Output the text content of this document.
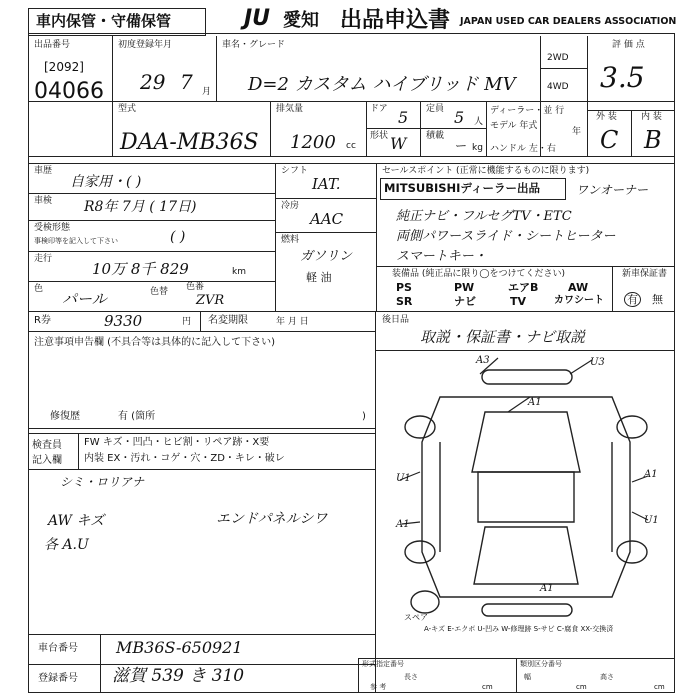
車内保管・守備保管	JU 愛知 出品申込書 JAPAN USED CAR DEALERS ASSOCIATION
出品番号
[2092]
04066
初度登録年月
29 7 月
車名・グレード
D=2 カスタム ハイブリッド MV
2WD
4WD
評 価 点
3.5
型式
DAA-MB36S
排気量
1200 cc
ドア 5 定員 5 人
形状 W 積載
ー kg
ディーラー・並 行
モデル 年式
年
ハンドル 左・右
外 装	内 装
C B
車歴
自家用・( )
車検 R8年 7月 ( 17日)
受検形態
事検印等を記入して下さい	( )
走行
10万 8千 829	km
色
パール	色替 色番
ZVR
シフト
IAT.
冷房
AAC
燃料
ガソリン
軽 油
セールスポイント (正常に機能するものに限ります)
MITSUBISHIディーラー出品	ワンオーナー
純正ナビ・フルセグTV・ETC
両側パワースライド・シートヒーター
スマートキー・
装備品 (純正品に限り◯をつけてください)
PS	PW	エアB	AW
SR	ナビ	TV	カワシート
新車保証書
有 無
R券	9330	円 名変期限	年 月 日
注意事項申告欄 (不具合等は具体的に記入して下さい)
修復歴	有 (箇所	)
後日品
取説・保証書・ナビ取説
検査員 記入欄
FW キズ・凹凸・ヒビ割・リペア跡・X要
内装 EX・汚れ・コゲ・穴・ZD・キレ・破レ
シミ・ロリアナ
AW キズ	エンドパネルシワ
各 A.U
A3	U3
A1
U1	A1
U1
A1
A1
スペア
A-キズ E-エクボ U-凹み W-修理跡 S-サビ C-腐食 XX-交換済
車台番号 MB36S-650921
登録番号 滋賀 539 き 310
形式指定番号	類別区分番号
長さ	幅	高さ
参 考	cm	cm	cm
